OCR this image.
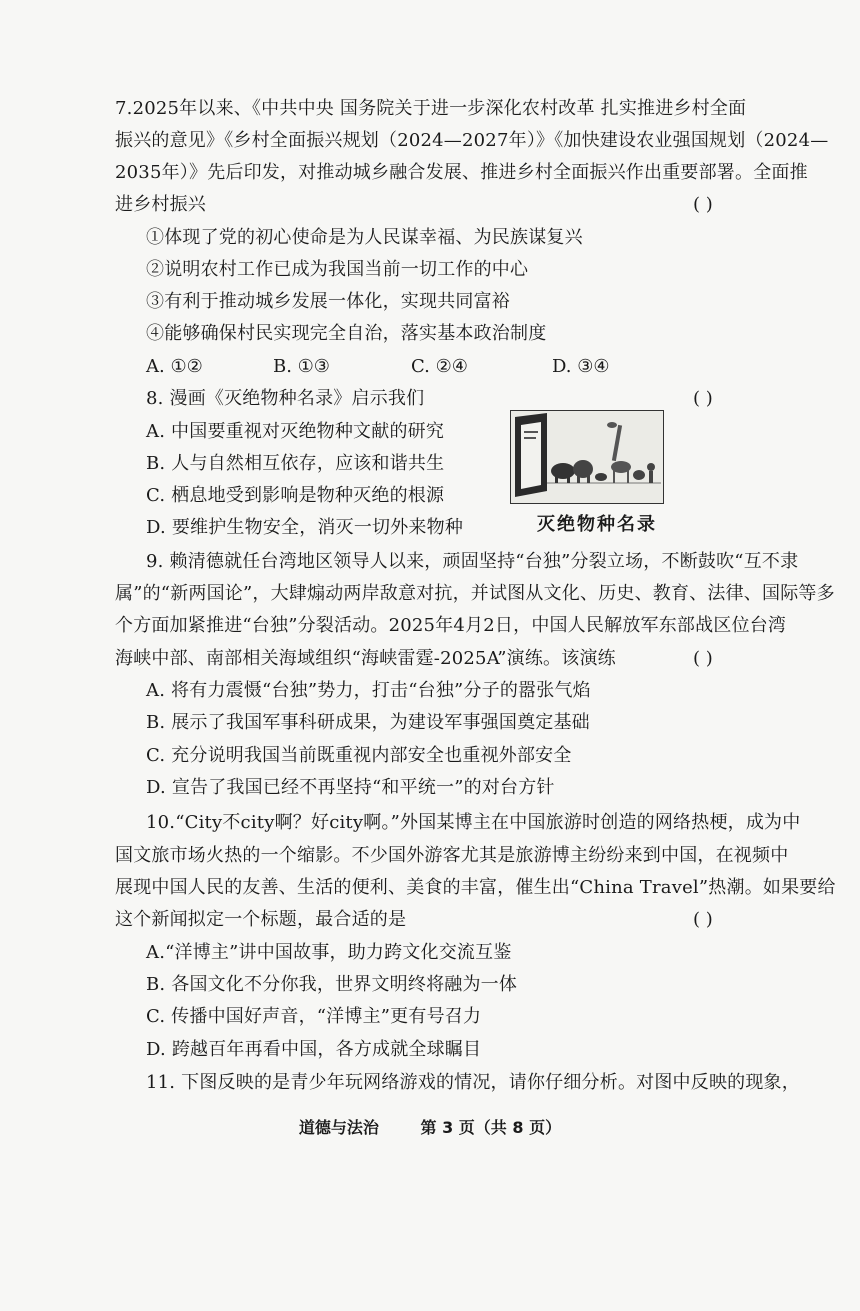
7.2025年以来、《中共中央 国务院关于进一步深化农村改革 扎实推进乡村全面
振兴的意见》《乡村全面振兴规划（2024—2027年）》《加快建设农业强国规划（2024—
2035年）》先后印发，对推动城乡融合发展、推进乡村全面振兴作出重要部署。全面推
进乡村振兴	( )
①体现了党的初心使命是为人民谋幸福、为民族谋复兴
②说明农村工作已成为我国当前一切工作的中心
③有利于推动城乡发展一体化，实现共同富裕
④能够确保村民实现完全自治，落实基本政治制度
A. ①②	B. ①③	C. ②④	D. ③④
8. 漫画《灭绝物种名录》启示我们	( )
A. 中国要重视对灭绝物种文献的研究
B. 人与自然相互依存，应该和谐共生
C. 栖息地受到影响是物种灭绝的根源
D. 要维护生物安全，消灭一切外来物种	灭绝物种名录
9. 赖清德就任台湾地区领导人以来，顽固坚持“台独”分裂立场，不断鼓吹“互不隶
属”的“新两国论”，大肆煽动两岸敌意对抗，并试图从文化、历史、教育、法律、国际等多
个方面加紧推进“台独”分裂活动。2025年4月2日，中国人民解放军东部战区位台湾
海峡中部、南部相关海域组织“海峡雷霆-2025A”演练。该演练	( )
A. 将有力震慑“台独”势力，打击“台独”分子的嚣张气焰
B. 展示了我国军事科研成果，为建设军事强国奠定基础
C. 充分说明我国当前既重视内部安全也重视外部安全
D. 宣告了我国已经不再坚持“和平统一”的对台方针
10.“City不city啊？好city啊。”外国某博主在中国旅游时创造的网络热梗，成为中
国文旅市场火热的一个缩影。不少国外游客尤其是旅游博主纷纷来到中国，在视频中
展现中国人民的友善、生活的便利、美食的丰富，催生出“China Travel”热潮。如果要给
这个新闻拟定一个标题，最合适的是	( )
A.“洋博主”讲中国故事，助力跨文化交流互鉴
B. 各国文化不分你我，世界文明终将融为一体
C. 传播中国好声音，“洋博主”更有号召力
D. 跨越百年再看中国，各方成就全球瞩目
11. 下图反映的是青少年玩网络游戏的情况，请你仔细分析。对图中反映的现象，
道德与法治	第 3 页（共 8 页）
